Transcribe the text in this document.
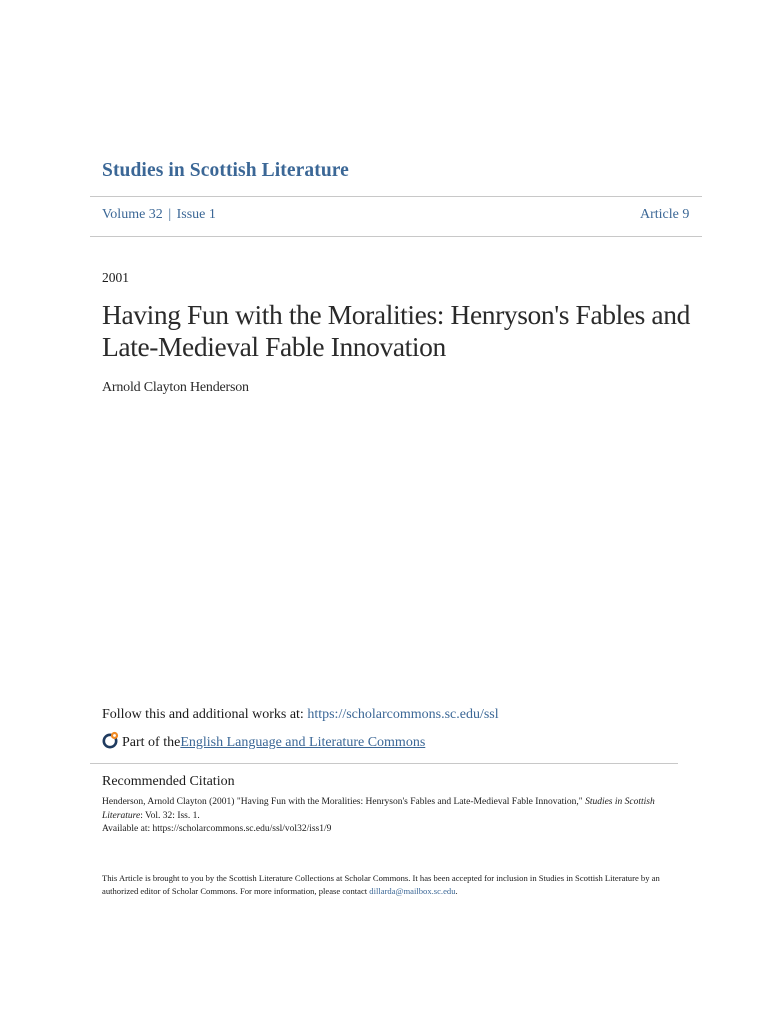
Studies in Scottish Literature
Volume 32 | Issue 1	Article 9
2001
Having Fun with the Moralities: Henryson's Fables and Late-Medieval Fable Innovation
Arnold Clayton Henderson
Follow this and additional works at: https://scholarcommons.sc.edu/ssl
Part of the English Language and Literature Commons
Recommended Citation
Henderson, Arnold Clayton (2001) "Having Fun with the Moralities: Henryson's Fables and Late-Medieval Fable Innovation," Studies in Scottish Literature: Vol. 32: Iss. 1.
Available at: https://scholarcommons.sc.edu/ssl/vol32/iss1/9
This Article is brought to you by the Scottish Literature Collections at Scholar Commons. It has been accepted for inclusion in Studies in Scottish Literature by an authorized editor of Scholar Commons. For more information, please contact dillarda@mailbox.sc.edu.
